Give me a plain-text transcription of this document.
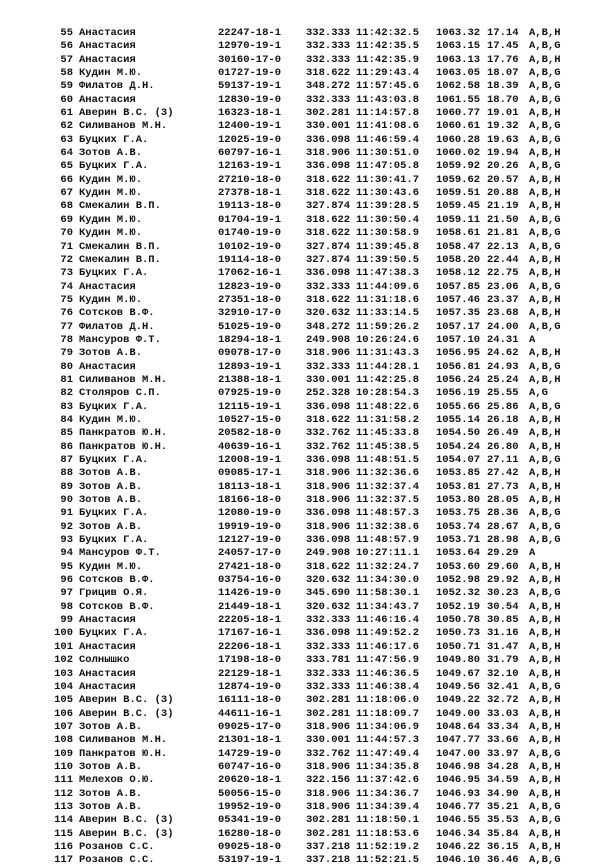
55 Анастасия	22247-18-1 332.333 11:42:32.5 1063.32 17.14 A,B,H
56 Анастасия	12970-19-1 332.333 11:42:35.5 1063.15 17.45 A,B,G
57 Анастасия	30160-17-0 332.333 11:42:35.9 1063.13 17.76 A,B,H
58 Кудин М.Ю.	01727-19-0 318.622 11:29:43.4 1063.05 18.07 A,B,G
59 Филатов Д.Н.	59137-19-1 348.272 11:57:45.6 1062.58 18.39 A,B,G
60 Анастасия	12830-19-0 332.333 11:43:03.8 1061.55 18.70 A,B,G
61 Аверин В.С. (3)	16323-18-1 302.281 11:14:57.8 1060.77 19.01 A,B,H
62 Силиванов М.Н.	12400-19-1 330.001 11:41:08.6 1060.61 19.32 A,B,G
63 Буцких Г.А.	12025-19-0 336.098 11:46:59.4 1060.28 19.63 A,B,G
64 Зотов А.В.	60797-16-1 318.906 11:30:51.0 1060.02 19.94 A,B,H
65 Буцких Г.А.	12163-19-1 336.098 11:47:05.8 1059.92 20.26 A,B,G
66 Кудин М.Ю.	27210-18-0 318.622 11:30:41.7 1059.62 20.57 A,B,H
67 Кудин М.Ю.	27378-18-1 318.622 11:30:43.6 1059.51 20.88 A,B,H
68 Смекалин В.П.	19113-18-0 327.874 11:39:28.5 1059.45 21.19 A,B,H
69 Кудин М.Ю.	01704-19-1 318.622 11:30:50.4 1059.11 21.50 A,B,G
70 Кудин М.Ю.	01740-19-0 318.622 11:30:58.9 1058.61 21.81 A,B,G
71 Смекалин В.П.	10102-19-0 327.874 11:39:45.8 1058.47 22.13 A,B,G
72 Смекалин В.П.	19114-18-0 327.874 11:39:50.5 1058.20 22.44 A,B,H
73 Буцких Г.А.	17062-16-1 336.098 11:47:38.3 1058.12 22.75 A,B,H
74 Анастасия	12823-19-0 332.333 11:44:09.6 1057.85 23.06 A,B,G
75 Кудин М.Ю.	27351-18-0 318.622 11:31:18.6 1057.46 23.37 A,B,H
76 Сотсков В.Ф.	32910-17-0 320.632 11:33:14.5 1057.35 23.68 A,B,H
77 Филатов Д.Н.	51025-19-0 348.272 11:59:26.2 1057.17 24.00 A,B,G
78 Мансуров Ф.Т.	18294-18-1 249.908 10:26:24.6 1057.10 24.31 A
79 Зотов А.В.	09078-17-0 318.906 11:31:43.3 1056.95 24.62 A,B,H
80 Анастасия	12893-19-1 332.333 11:44:28.1 1056.81 24.93 A,B,G
81 Силиванов М.Н.	21388-18-1 330.001 11:42:25.8 1056.24 25.24 A,B,H
82 Столяров С.П.	07925-19-0 252.328 10:28:54.3 1056.19 25.55 A,G
83 Буцких Г.А.	12115-19-1 336.098 11:48:22.6 1055.66 25.86 A,B,G
84 Кудин М.Ю.	10527-15-0 318.622 11:31:58.2 1055.14 26.18 A,B,H
85 Панкратов Ю.Н.	20582-18-0 332.762 11:45:33.8 1054.50 26.49 A,B,H
86 Панкратов Ю.Н.	40639-16-1 332.762 11:45:38.5 1054.24 26.80 A,B,H
87 Буцких Г.А.	12008-19-1 336.098 11:48:51.5 1054.07 27.11 A,B,G
88 Зотов А.В.	09085-17-1 318.906 11:32:36.6 1053.85 27.42 A,B,H
89 Зотов А.В.	18113-18-1 318.906 11:32:37.4 1053.81 27.73 A,B,H
90 Зотов А.В.	18166-18-0 318.906 11:32:37.5 1053.80 28.05 A,B,H
91 Буцких Г.А.	12080-19-0 336.098 11:48:57.3 1053.75 28.36 A,B,G
92 Зотов А.В.	19919-19-0 318.906 11:32:38.6 1053.74 28.67 A,B,G
93 Буцких Г.А.	12127-19-0 336.098 11:48:57.9 1053.71 28.98 A,B,G
94 Мансуров Ф.Т.	24057-17-0 249.908 10:27:11.1 1053.64 29.29 A
95 Кудин М.Ю.	27421-18-0 318.622 11:32:24.7 1053.60 29.60 A,B,H
96 Сотсков В.Ф.	03754-16-0 320.632 11:34:30.0 1052.98 29.92 A,B,H
97 Грицив О.Я.	11426-19-0 345.690 11:58:30.1 1052.32 30.23 A,B,G
98 Сотсков В.Ф.	21449-18-1 320.632 11:34:43.7 1052.19 30.54 A,B,H
99 Анастасия	22205-18-1 332.333 11:46:16.4 1050.78 30.85 A,B,H
100 Буцких Г.А.	17167-16-1 336.098 11:49:52.2 1050.73 31.16 A,B,H
101 Анастасия	22206-18-1 332.333 11:46:17.6 1050.71 31.47 A,B,H
102 Солнышко	17198-18-0 333.781 11:47:56.9 1049.80 31.79 A,B,H
103 Анастасия	22129-18-1 332.333 11:46:36.5 1049.67 32.10 A,B,H
104 Анастасия	12874-19-0 332.333 11:46:38.4 1049.56 32.41 A,B,G
105 Аверин В.С. (3)	16111-18-0 302.281 11:18:06.0 1049.22 32.72 A,B,H
106 Аверин В.С. (3)	44611-16-1 302.281 11:18:09.7 1049.00 33.03 A,B,H
107 Зотов А.В.	09025-17-0 318.906 11:34:06.9 1048.64 33.34 A,B,H
108 Силиванов М.Н.	21301-18-1 330.001 11:44:57.3 1047.77 33.66 A,B,H
109 Панкратов Ю.Н.	14729-19-0 332.762 11:47:49.4 1047.00 33.97 A,B,G
110 Зотов А.В.	60747-16-0 318.906 11:34:35.8 1046.98 34.28 A,B,H
111 Мелехов О.Ю.	20620-18-1 322.156 11:37:42.6 1046.95 34.59 A,B,H
112 Зотов А.В.	50056-15-0 318.906 11:34:36.7 1046.93 34.90 A,B,H
113 Зотов А.В.	19952-19-0 318.906 11:34:39.4 1046.77 35.21 A,B,G
114 Аверин В.С. (3)	05341-19-0 302.281 11:18:50.1 1046.55 35.53 A,B,G
115 Аверин В.С. (3)	16280-18-0 302.281 11:18:53.6 1046.34 35.84 A,B,H
116 Розанов С.С.	09025-18-0 337.218 11:52:19.2 1046.22 36.15 A,B,H
117 Розанов С.С.	53197-19-1 337.218 11:52:21.5 1046.10 36.46 A,B,G
